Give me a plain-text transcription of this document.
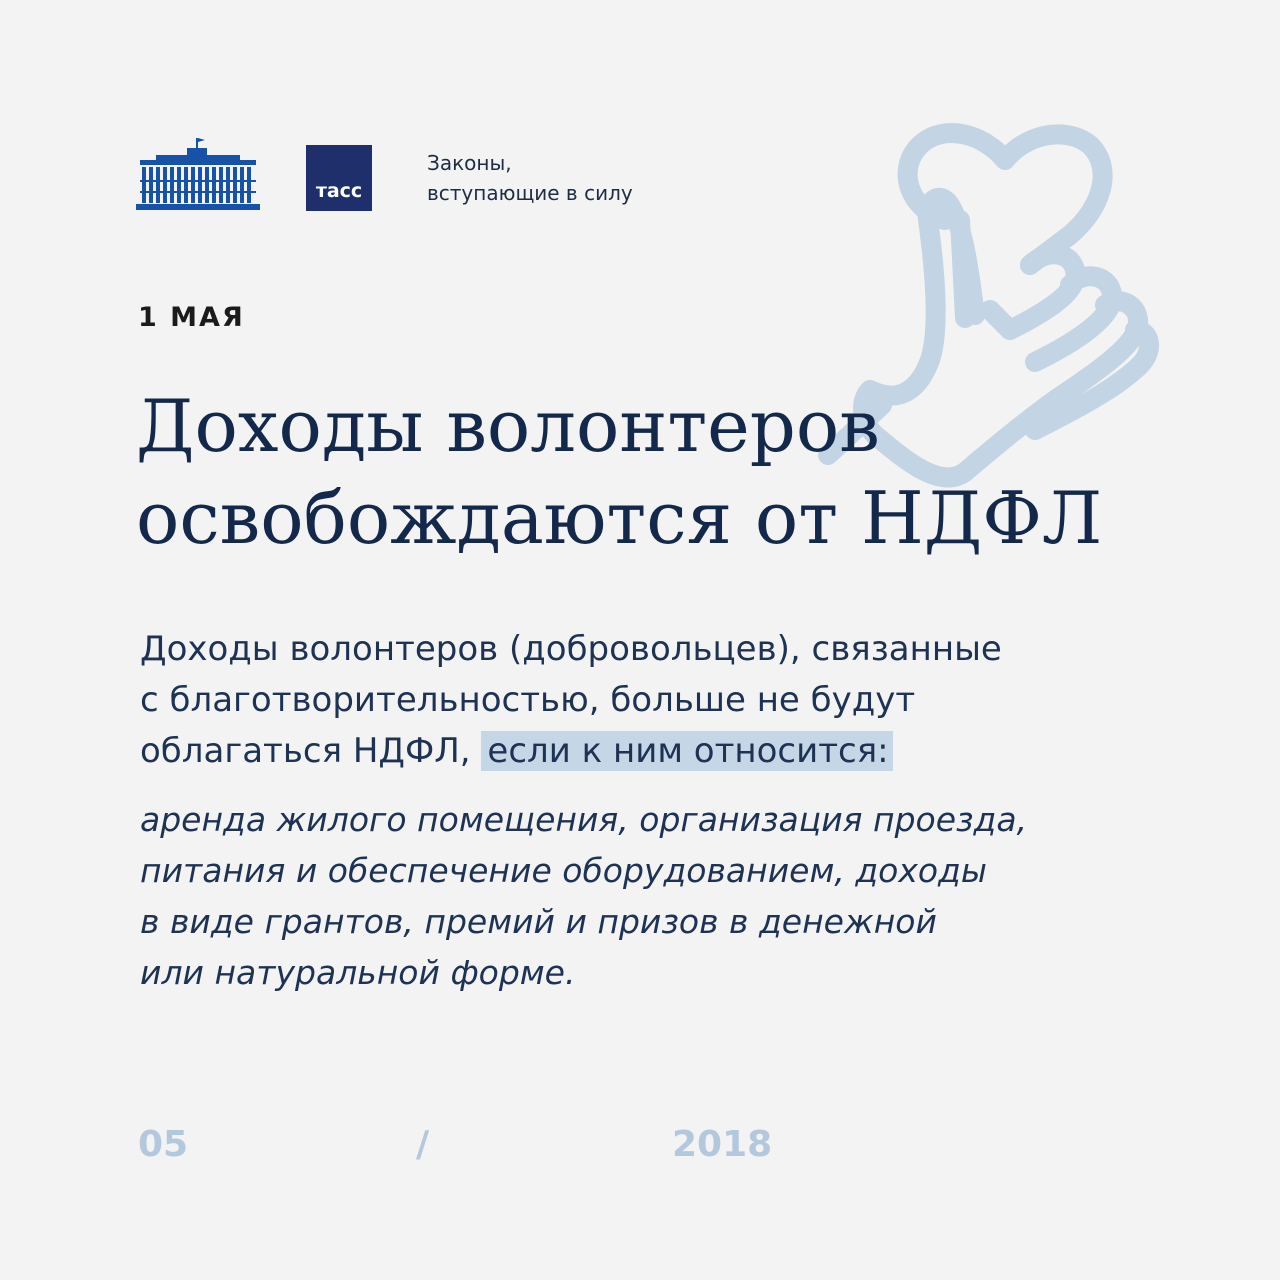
тасс
Законы,
вступающие в силу
1 МАЯ
Доходы волонтеров
освобождаются от НДФЛ
Доходы волонтеров (добровольцев), связанные
с благотворительностью, больше не будут
облагаться НДФЛ, если к ним относится:
аренда жилого помещения, организация проезда,
питания и обеспечение оборудованием, доходы
в виде грантов, премий и призов в денежной
или натуральной форме.
05	/	2018
